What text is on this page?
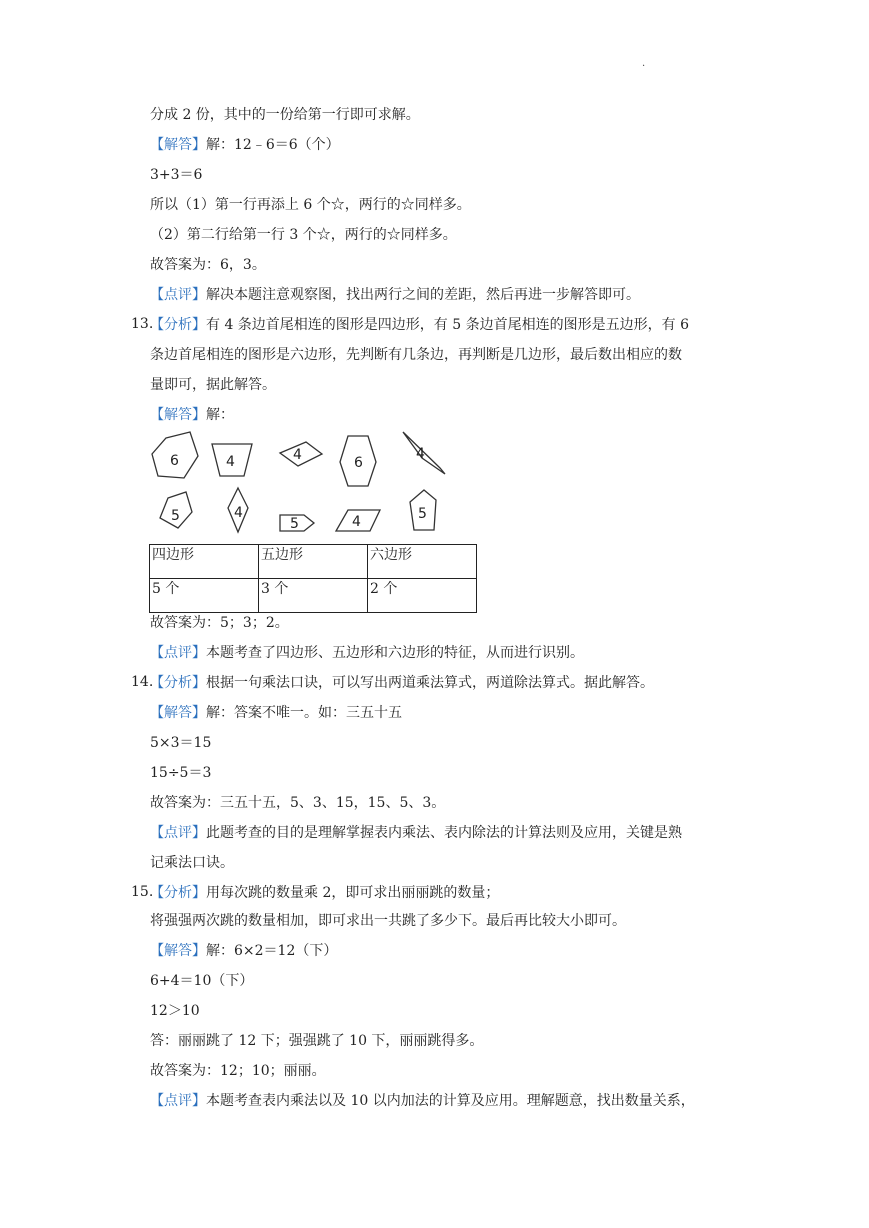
.
分成 2 份，其中的一份给第一行即可求解。
【解答】解：12﹣6＝6（个）
3+3＝6
所以（1）第一行再添上 6 个☆，两行的☆同样多。
（2）第二行给第一行 3 个☆，两行的☆同样多。
故答案为：6，3。
【点评】解决本题注意观察图，找出两行之间的差距，然后再进一步解答即可。
13.
【分析】有 4 条边首尾相连的图形是四边形，有 5 条边首尾相连的图形是五边形，有 6
条边首尾相连的图形是六边形，先判断有几条边，再判断是几边形，最后数出相应的数
量即可，据此解答。
【解答】解：
6	4	4	6
4
5	4
5	4	5
四边形	五边形	六边形
5 个	3 个	2 个
故答案为：5；3；2。
【点评】本题考查了四边形、五边形和六边形的特征，从而进行识别。
14.
【分析】根据一句乘法口诀，可以写出两道乘法算式，两道除法算式。据此解答。
【解答】解：答案不唯一。如：三五十五
5×3＝15
15÷5＝3
故答案为：三五十五，5、3、15，15、5、3。
【点评】此题考查的目的是理解掌握表内乘法、表内除法的计算法则及应用，关键是熟
记乘法口诀。
15.
【分析】用每次跳的数量乘 2，即可求出丽丽跳的数量；
将强强两次跳的数量相加，即可求出一共跳了多少下。最后再比较大小即可。
【解答】解：6×2＝12（下）
6+4＝10（下）
12＞10
答：丽丽跳了 12 下；强强跳了 10 下，丽丽跳得多。
故答案为：12；10；丽丽。
【点评】本题考查表内乘法以及 10 以内加法的计算及应用。理解题意，找出数量关系，
